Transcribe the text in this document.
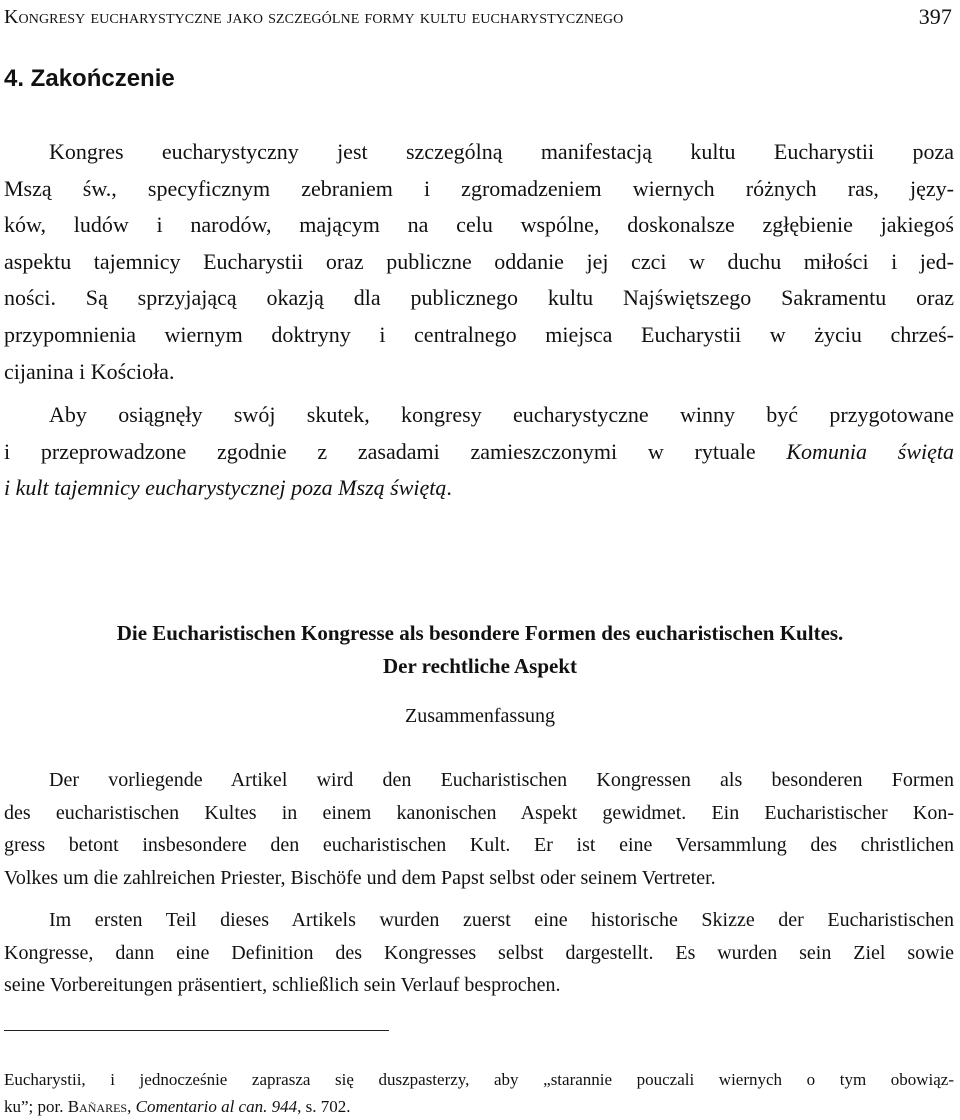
Kongresy eucharystyczne jako szczególne formy kultu eucharystycznego	397
4. Zakończenie

Kongres eucharystyczny jest szczególną manifestacją kultu Eucharystii poza
Mszą św., specyficznym zebraniem i zgromadzeniem wiernych różnych ras, języ-
ków, ludów i narodów, mającym na celu wspólne, doskonalsze zgłębienie jakiegoś
aspektu tajemnicy Eucharystii oraz publiczne oddanie jej czci w duchu miłości i jed-
ności. Są sprzyjającą okazją dla publicznego kultu Najświętszego Sakramentu oraz
przypomnienia wiernym doktryny i centralnego miejsca Eucharystii w życiu chrześ-
cijanina i Kościoła.

Aby osiągnęły swój skutek, kongresy eucharystyczne winny być przygotowane
i przeprowadzone zgodnie z zasadami zamieszczonymi w rytuale Komunia święta
i kult tajemnicy eucharystycznej poza Mszą świętą.

Die Eucharistischen Kongresse als besondere Formen des eucharistischen Kultes.
Der rechtliche Aspekt
Zusammenfassung

Der vorliegende Artikel wird den Eucharistischen Kongressen als besonderen Formen
des eucharistischen Kultes in einem kanonischen Aspekt gewidmet. Ein Eucharistischer Kon-
gress betont insbesondere den eucharistischen Kult. Er ist eine Versammlung des christlichen
Volkes um die zahlreichen Priester, Bischöfe und dem Papst selbst oder seinem Vertreter.

Im ersten Teil dieses Artikels wurden zuerst eine historische Skizze der Eucharistischen
Kongresse, dann eine Definition des Kongresses selbst dargestellt. Es wurden sein Ziel sowie
seine Vorbereitungen präsentiert, schließlich sein Verlauf besprochen.

Eucharystii, i jednocześnie zaprasza się duszpasterzy, aby „starannie pouczali wiernych o tym obowiąz-
ku”; por. Bañares, Comentario al can. 944, s. 702.
